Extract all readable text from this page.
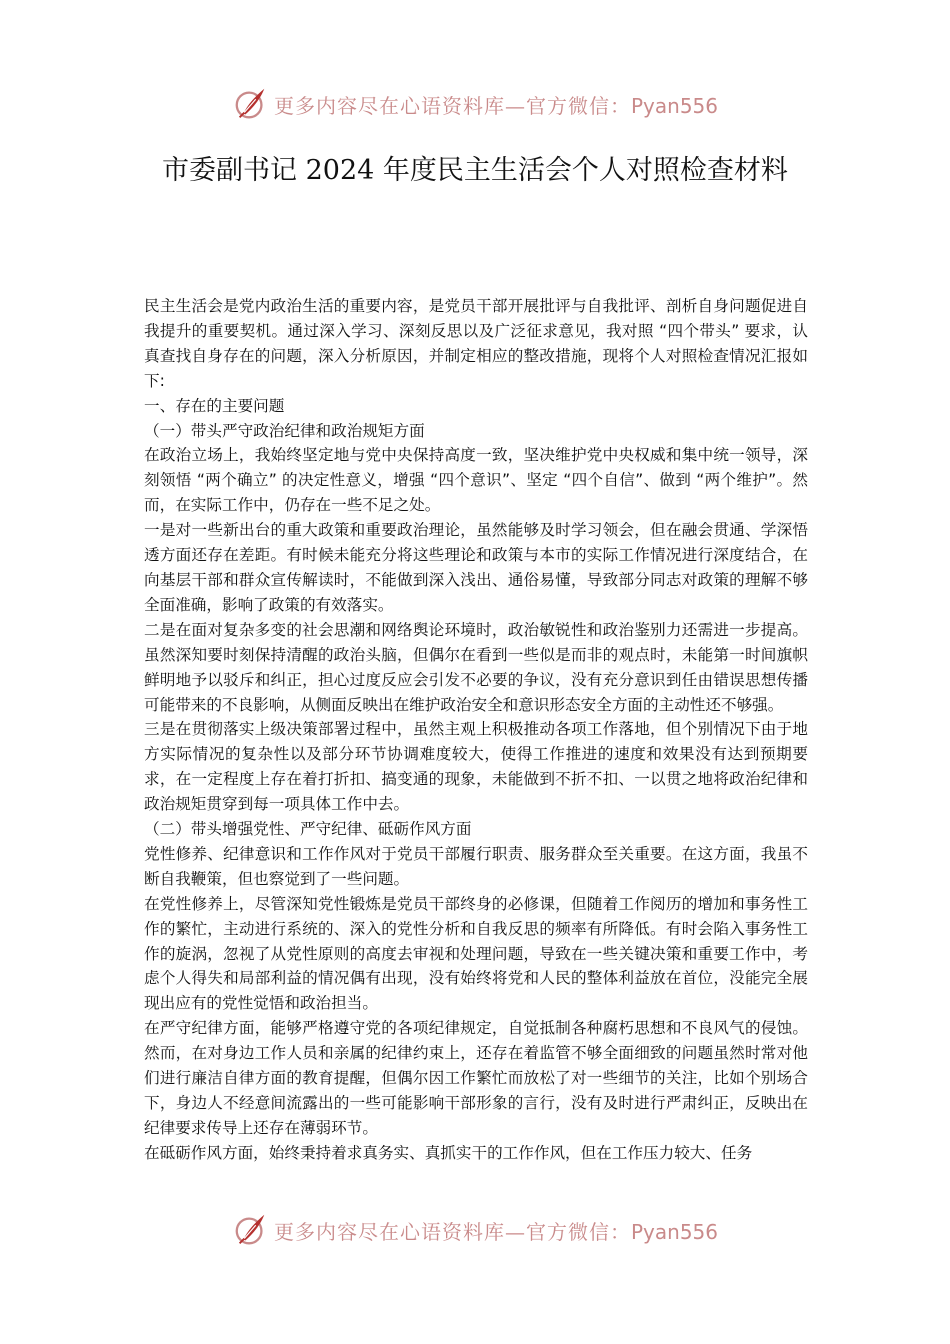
更多内容尽在心语资料库—官方微信：Pyan556
市委副书记 2024 年度民主生活会个人对照检查材料

民主生活会是党内政治生活的重要内容，是党员干部开展批评与自我批评、剖析自身问题促进自我提升的重要契机。通过深入学习、深刻反思以及广泛征求意见，我对照 “四个带头” 要求，认真查找自身存在的问题，深入分析原因，并制定相应的整改措施，现将个人对照检查情况汇报如下:

一、存在的主要问题

（一）带头严守政治纪律和政治规矩方面

在政治立场上，我始终坚定地与党中央保持高度一致，坚决维护党中央权威和集中统一领导，深刻领悟 “两个确立” 的决定性意义，增强 “四个意识”、坚定 “四个自信”、做到 “两个维护”。然而，在实际工作中，仍存在一些不足之处。

一是对一些新出台的重大政策和重要政治理论，虽然能够及时学习领会，但在融会贯通、学深悟透方面还存在差距。有时候未能充分将这些理论和政策与本市的实际工作情况进行深度结合，在向基层干部和群众宣传解读时，不能做到深入浅出、通俗易懂，导致部分同志对政策的理解不够全面准确，影响了政策的有效落实。

二是在面对复杂多变的社会思潮和网络舆论环境时，政治敏锐性和政治鉴别力还需进一步提高。虽然深知要时刻保持清醒的政治头脑，但偶尔在看到一些似是而非的观点时，未能第一时间旗帜鲜明地予以驳斥和纠正，担心过度反应会引发不必要的争议，没有充分意识到任由错误思想传播可能带来的不良影响，从侧面反映出在维护政治安全和意识形态安全方面的主动性还不够强。

三是在贯彻落实上级决策部署过程中，虽然主观上积极推动各项工作落地，但个别情况下由于地方实际情况的复杂性以及部分环节协调难度较大，使得工作推进的速度和效果没有达到预期要求，在一定程度上存在着打折扣、搞变通的现象，未能做到不折不扣、一以贯之地将政治纪律和政治规矩贯穿到每一项具体工作中去。

（二）带头增强党性、严守纪律、砥砺作风方面

党性修养、纪律意识和工作作风对于党员干部履行职责、服务群众至关重要。在这方面，我虽不断自我鞭策，但也察觉到了一些问题。

在党性修养上，尽管深知党性锻炼是党员干部终身的必修课，但随着工作阅历的增加和事务性工作的繁忙，主动进行系统的、深入的党性分析和自我反思的频率有所降低。有时会陷入事务性工作的旋涡，忽视了从党性原则的高度去审视和处理问题，导致在一些关键决策和重要工作中，考虑个人得失和局部利益的情况偶有出现，没有始终将党和人民的整体利益放在首位，没能完全展现出应有的党性觉悟和政治担当。

在严守纪律方面，能够严格遵守党的各项纪律规定，自觉抵制各种腐朽思想和不良风气的侵蚀。然而，在对身边工作人员和亲属的纪律约束上，还存在着监管不够全面细致的问题虽然时常对他们进行廉洁自律方面的教育提醒，但偶尔因工作繁忙而放松了对一些细节的关注，比如个别场合下，身边人不经意间流露出的一些可能影响干部形象的言行，没有及时进行严肃纠正，反映出在纪律要求传导上还存在薄弱环节。

在砥砺作风方面，始终秉持着求真务实、真抓实干的工作作风，但在工作压力较大、任务

更多内容尽在心语资料库—官方微信：Pyan556
